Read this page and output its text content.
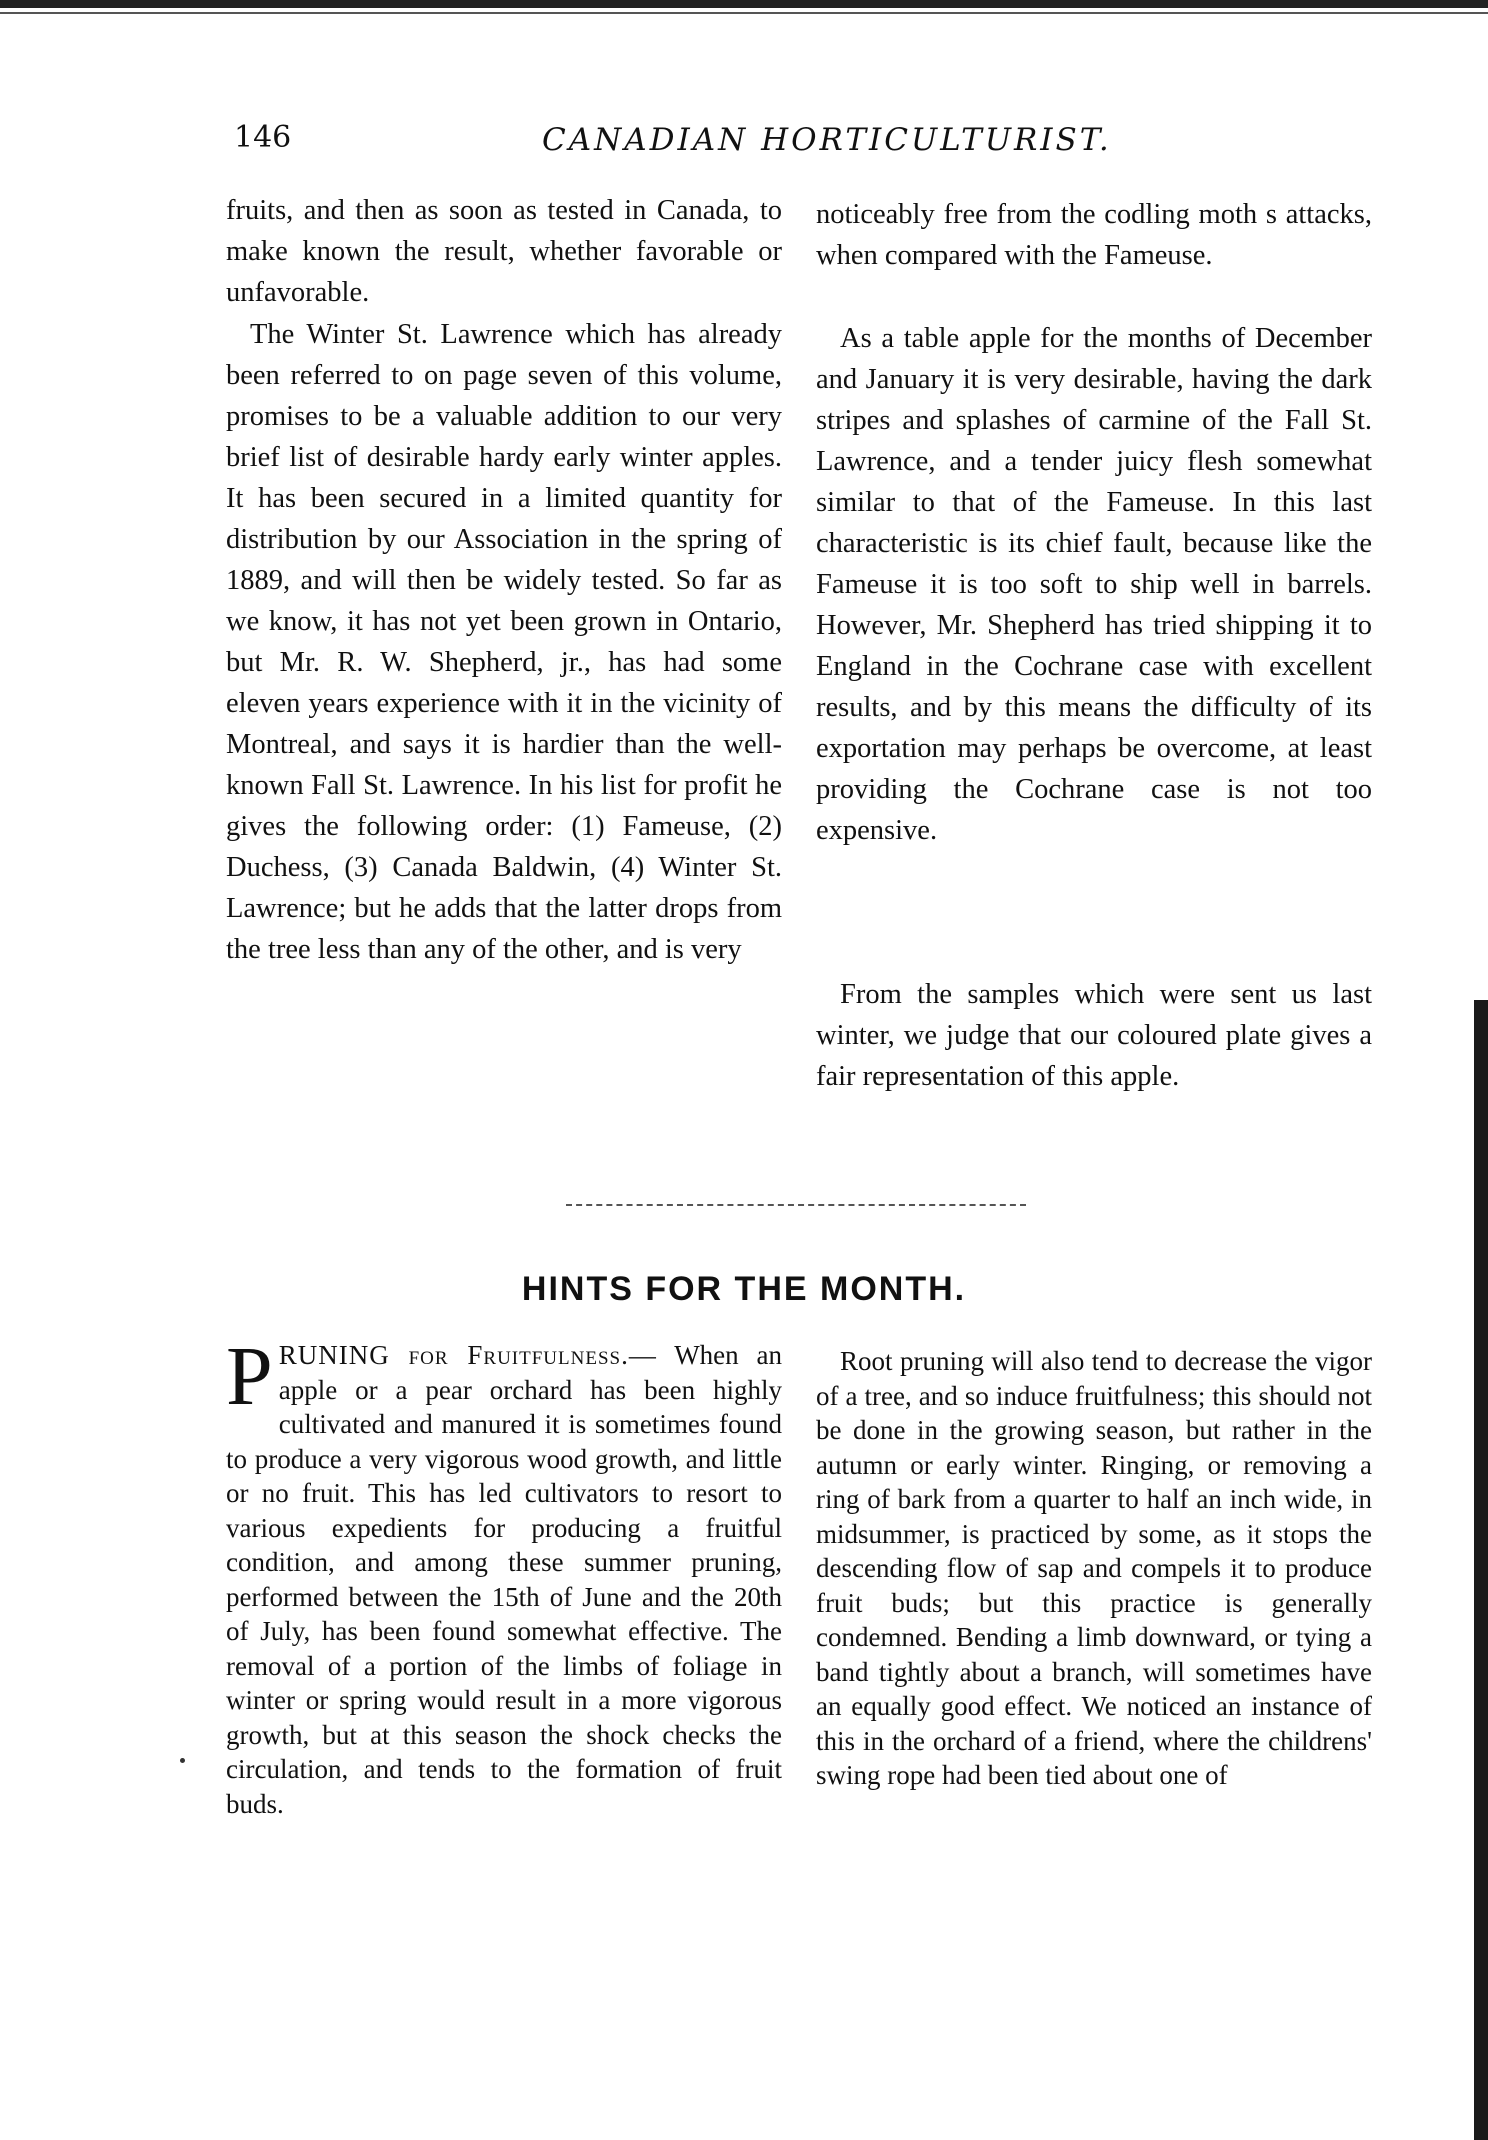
146	CANADIAN HORTICULTURIST.

fruits, and then as soon as tested in Canada, to make known the result, whether favorable or unfavorable.

The Winter St. Lawrence which has already been referred to on page seven of this volume, promises to be a valuable addition to our very brief list of desirable hardy early winter apples. It has been secured in a limited quantity for distribution by our Association in the spring of 1889, and will then be widely tested. So far as we know, it has not yet been grown in Ontario, but Mr. R. W. Shepherd, jr., has had some eleven years experience with it in the vicinity of Montreal, and says it is hardier than the well-known Fall St. Lawrence. In his list for profit he gives the following order: (1) Fameuse, (2) Duchess, (3) Canada Baldwin, (4) Winter St. Lawrence; but he adds that the latter drops from the tree less than any of the other, and is very

noticeably free from the codling moth s attacks, when compared with the Fameuse.

As a table apple for the months of December and January it is very desirable, having the dark stripes and splashes of carmine of the Fall St. Lawrence, and a tender juicy flesh somewhat similar to that of the Fameuse. In this last characteristic is its chief fault, because like the Fameuse it is too soft to ship well in barrels. However, Mr. Shepherd has tried shipping it to England in the Cochrane case with excellent results, and by this means the difficulty of its exportation may perhaps be overcome, at least providing the Cochrane case is not too expensive.

From the samples which were sent us last winter, we judge that our coloured plate gives a fair representation of this apple.

HINTS FOR THE MONTH.
PRUNING for Fruitfulness.— When an apple or a pear orchard has been highly cultivated and manured it is sometimes found to produce a very vigorous wood growth, and little or no fruit. This has led cultivators to resort to various expedients for producing a fruitful condition, and among these summer pruning, performed between the 15th of June and the 20th of July, has been found somewhat effective. The removal of a portion of the limbs of foliage in winter or spring would result in a more vigorous growth, but at this season the shock checks the circulation, and tends to the formation of fruit buds.

Root pruning will also tend to decrease the vigor of a tree, and so induce fruitfulness; this should not be done in the growing season, but rather in the autumn or early winter. Ringing, or removing a ring of bark from a quarter to half an inch wide, in midsummer, is practiced by some, as it stops the descending flow of sap and compels it to produce fruit buds; but this practice is generally condemned. Bending a limb downward, or tying a band tightly about a branch, will sometimes have an equally good effect. We noticed an instance of this in the orchard of a friend, where the childrens' swing rope had been tied about one of
